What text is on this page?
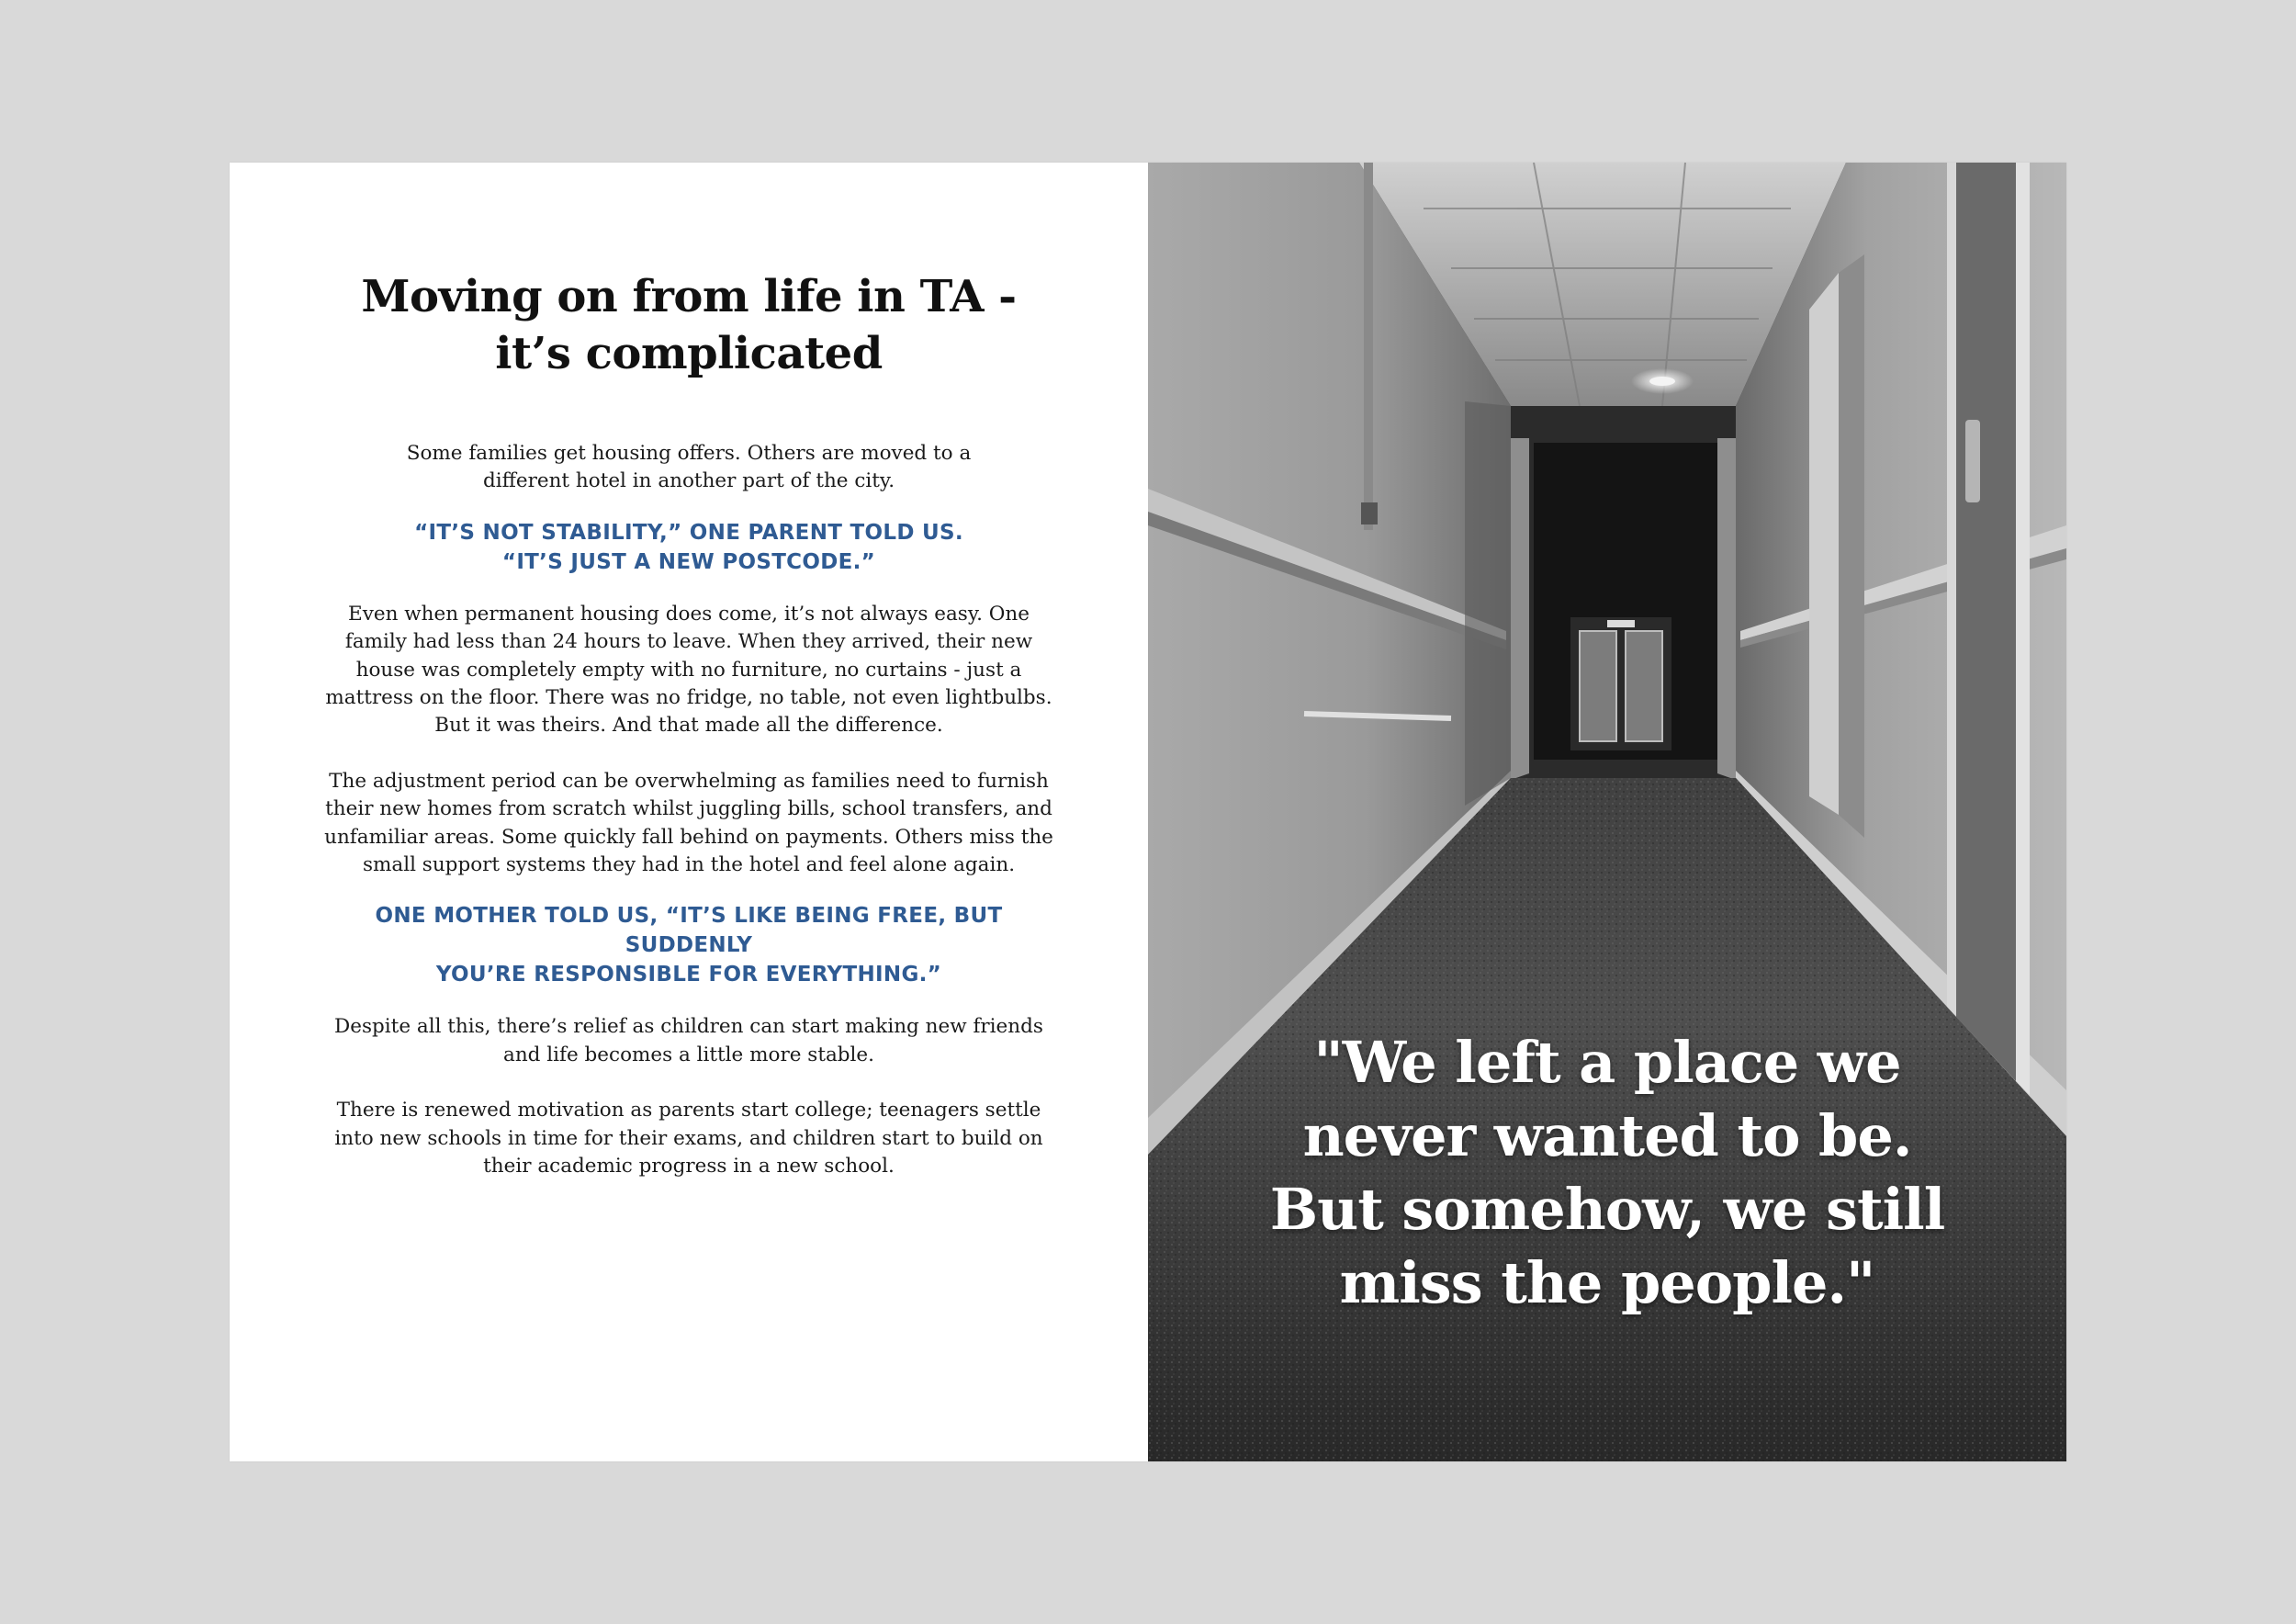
Moving on from life in TA -
it’s complicated

Some families get housing offers. Others are moved to a different hotel in another part of the city.

“IT’S NOT STABILITY,” ONE PARENT TOLD US.
“IT’S JUST A NEW POSTCODE.”

Even when permanent housing does come, it’s not always easy. One family had less than 24 hours to leave. When they arrived, their new house was completely empty with no furniture, no curtains - just a mattress on the floor. There was no fridge, no table, not even lightbulbs. But it was theirs. And that made all the difference.

The adjustment period can be overwhelming as families need to furnish their new homes from scratch whilst juggling bills, school transfers, and unfamiliar areas. Some quickly fall behind on payments. Others miss the small support systems they had in the hotel and feel alone again.

ONE MOTHER TOLD US, “IT’S LIKE BEING FREE, BUT SUDDENLY
YOU’RE RESPONSIBLE FOR EVERYTHING.”

Despite all this, there’s relief as children can start making new friends and life becomes a little more stable.

There is renewed motivation as parents start college; teenagers settle into new schools in time for their exams, and children start to build on their academic progress in a new school.

"We left a place we
never wanted to be.
But somehow, we still
miss the people."
